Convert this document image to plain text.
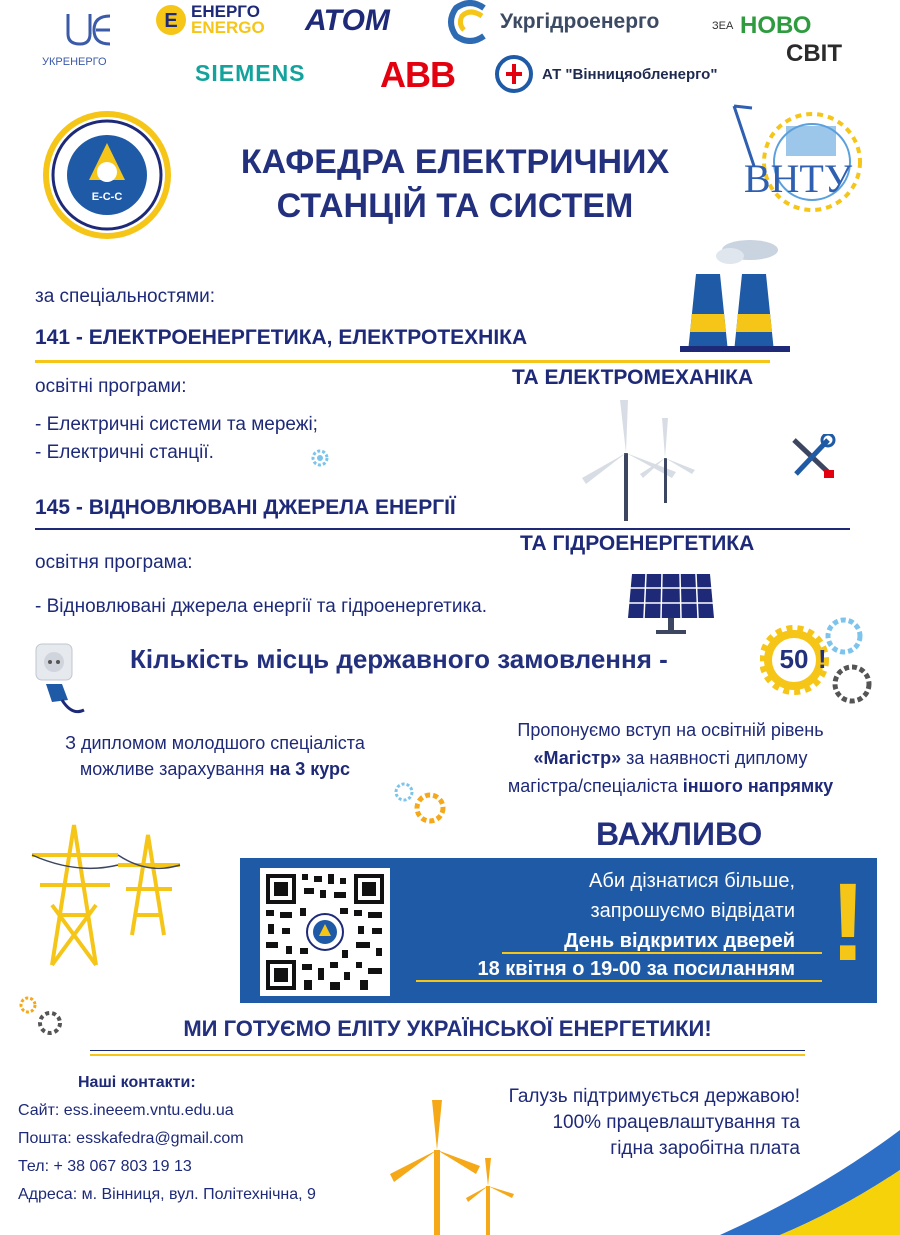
УКРЕНЕРГО
E ЕНЕРГО
ENERGO АТОМ	Укргідроенерго	ЗЕА НОВО
СВІТ
SIEMENS ABB	АТ "Вінницяобленерго"
Е-С-С
КАФЕДРА ЕЛЕКТРИЧНИХ
СТАНЦІЙ ТА СИСТЕМ
ВНТУ
за спеціальностями:
141 - ЕЛЕКТРОЕНЕРГЕТИКА, ЕЛЕКТРОТЕХНІКА
ТА ЕЛЕКТРОМЕХАНІКА
освітні програми:
- Електричні системи та мережі;
- Електричні станції.
145 - ВІДНОВЛЮВАНІ ДЖЕРЕЛА ЕНЕРГІЇ
ТА ГІДРОЕНЕРГЕТИКА
освітня програма:
- Відновлювані джерела енергії та гідроенергетика.
Кількість місць державного замовлення -	50 !
З дипломом молодшого спеціаліста
можливе зарахування на 3 курс
Пропонуємо вступ на освітній рівень
«Магістр» за наявності диплому
магістра/спеціаліста іншого напрямку
ВАЖЛИВО
Аби дізнатися більше,
запрошуємо відвідати
День відкритих дверей
18 квітня о 19-00 за посиланням !
МИ ГОТУЄМО ЕЛІТУ УКРАЇНСЬКОЇ ЕНЕРГЕТИКИ!
Наші контакти:
Сайт: ess.ineeem.vntu.edu.ua
Пошта: esskafedra@gmail.com
Тел: + 38 067 803 19 13
Адреса: м. Вінниця, вул. Політехнічна, 9
Галузь підтримується державою!
100% працевлаштування та
гідна заробітна плата
